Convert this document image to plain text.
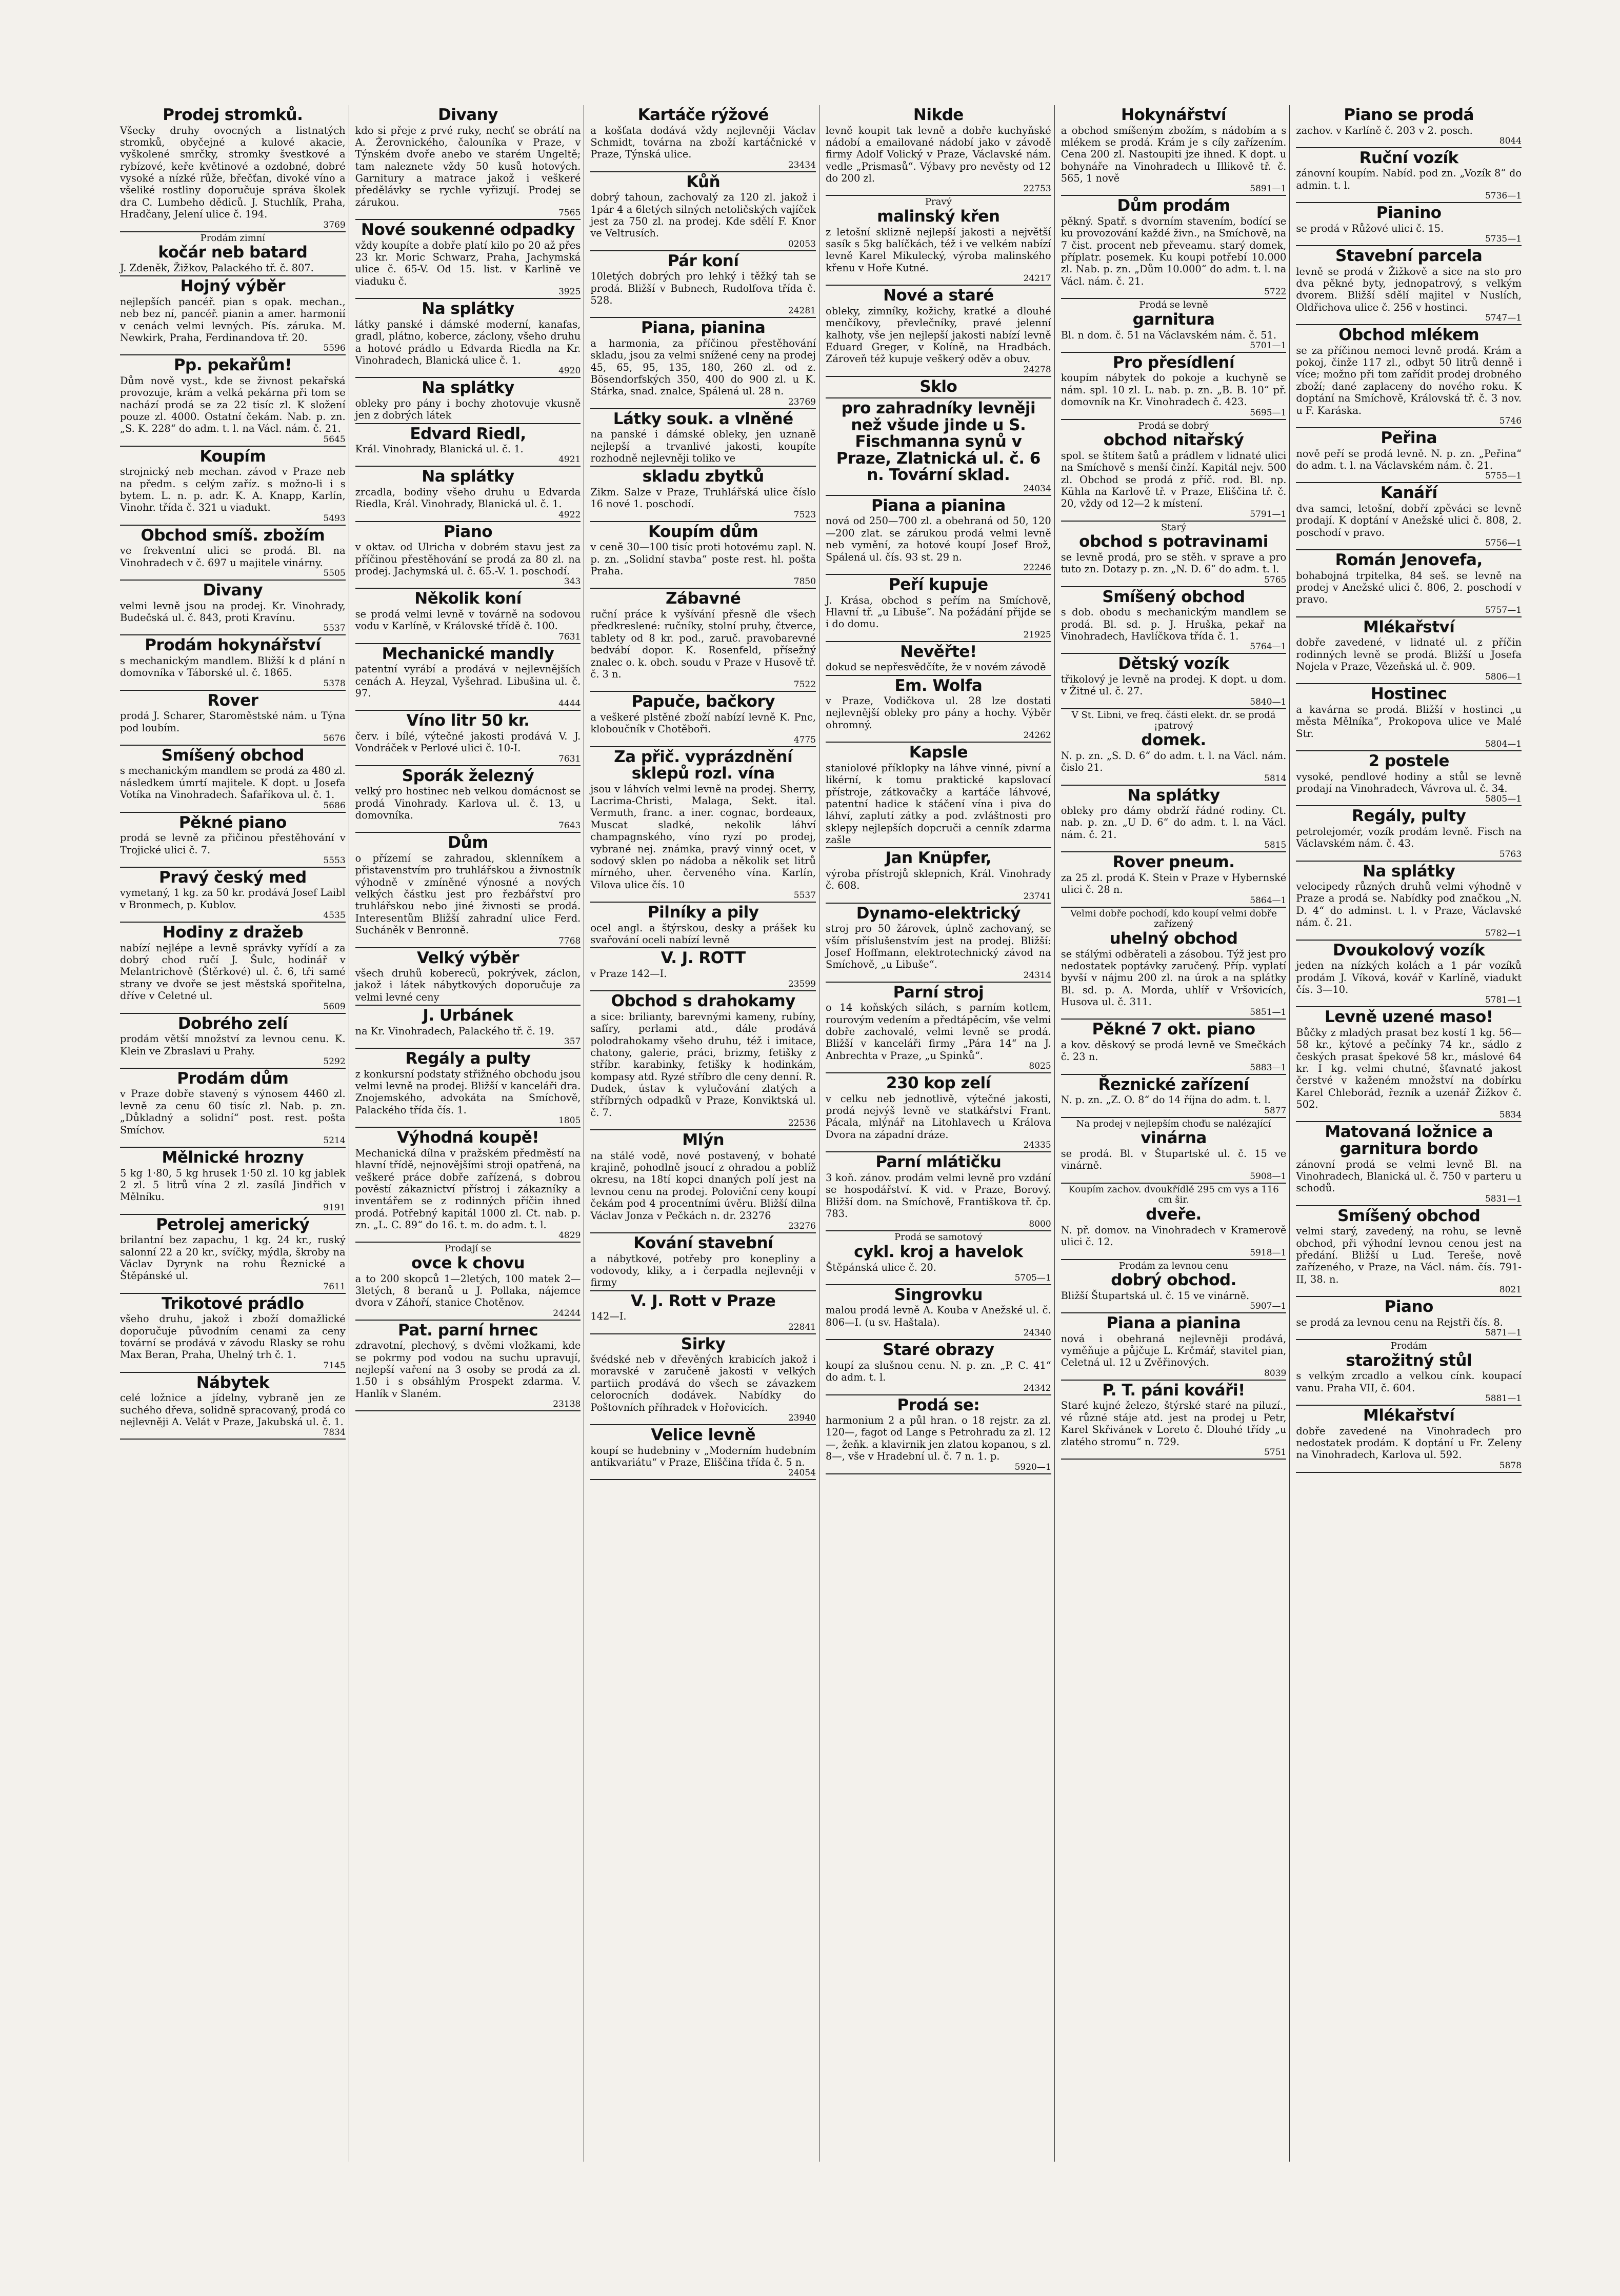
Prodej stromků.
Všecky druhy ovocných a listnatých stromků, obyčejné a kulové akacie, vyškolené smrčky, stromky švestkové a rybízové, keře květinové a ozdobné, dobré vysoké a nízké růže, břečťan, divoké víno a všeliké rostliny doporučuje správa školek dra C. Lumbeho dědiců. J. Stuchlík, Praha, Hradčany, Jelení ulice č. 194.
3769
Prodám zimní
kočár neb batard
J. Zdeněk, Žižkov, Palackého tř. č. 807.
Hojný výběr
nejlepších pancéř. pian s opak. mechan., neb bez ní, pancéř. pianin a amer. harmonií v cenách velmi levných. Pís. záruka. M. Newkirk, Praha, Ferdinandova tř. 20.
5596
Pp. pekařům!
Dům nově vyst., kde se živnost pekařská provozuje, krám a velká pekárna při tom se nachází prodá se za 22 tisíc zl. K složení pouze zl. 4000. Ostatní čekám. Nab. p. zn. „S. K. 228“ do adm. t. l. na Václ. nám. č. 21.
5645
Koupím
strojnický neb mechan. závod v Praze neb na předm. s celým zaříz. s možno-li i s bytem. L. n. p. adr. K. A. Knapp, Karlín, Vinohr. třída č. 321 u viadukt.
5493
Obchod smíš. zbožím
ve frekventní ulici se prodá. Bl. na Vinohradech v č. 697 u majitele vinárny.
5505
Divany
velmi levně jsou na prodej. Kr. Vinohrady, Budečská ul. č. 843, proti Kravínu.
5537
Prodám hokynářství
s mechanickým mandlem. Bližší k d plání n domovníka v Táborské ul. č. 1865.
5378
Rover
prodá J. Scharer, Staroměstské nám. u Týna pod loubím.
5676
Smíšený obchod
s mechanickým mandlem se prodá za 480 zl. následkem úmrtí majitele. K dopt. u Josefa Votíka na Vinohradech. Šafaříkova ul. č. 1.
5686
Pěkné piano
prodá se levně za přičinou přestěhování v Trojické ulici č. 7.
5553
Pravý český med
vymetaný, 1 kg. za 50 kr. prodává Josef Laibl v Bronmech, p. Kublov.
4535
Hodiny z dražeb
nabízí nejlépe a levně správky vyřídí a za dobrý chod ručí J. Šulc, hodinář v Melantrichově (Štěrkové) ul. č. 6, tři samé strany ve dvoře se jest městská spořitelna, dříve v Celetné ul.
5609
Dobrého zelí
prodám větší množství za levnou cenu. K. Klein ve Zbraslavi u Prahy.
5292
Prodám dům
v Praze dobře stavený s výnosem 4460 zl. levně za cenu 60 tisíc zl. Nab. p. zn. „Důkladný a solidní“ post. rest. pošta Smíchov.
5214
Mělnické hrozny
5 kg 1·80, 5 kg hrusek 1·50 zl. 10 kg jablek 2 zl. 5 litrů vína 2 zl. zasílá Jindřich v Mělníku.
9191
Petrolej americký
brilantní bez zapachu, 1 kg. 24 kr., ruský salonní 22 a 20 kr., svíčky, mýdla, škroby na Václav Dyrynk na rohu Řeznické a Štěpánské ul.
7611
Trikotové prádlo
všeho druhu, jakož i zboží domažlické doporučuje původním cenami za ceny tovární se prodává v závodu Rlasky se rohu Max Beran, Praha, Uhelný trh č. 1.
7145
Nábytek
celé ložnice a jídelny, vybraně jen ze suchého dřeva, solidně spracovaný, prodá co nejlevněji A. Velát v Praze, Jakubská ul. č. 1.
7834
Divany
kdo si přeje z prvé ruky, nechť se obrátí na A. Žerovnického, čalouníka v Praze, v Týnském dvoře anebo ve starém Ungeltě; tam naleznete vždy 50 kusů hotových. Garnitury a matrace jakož i veškeré předělávky se rychle vyřizují. Prodej se zárukou.
7565
Nové soukenné odpadky
vždy koupíte a dobře platí kilo po 20 až přes 23 kr. Moric Schwarz, Praha, Jachymská ulice č. 65-V. Od 15. list. v Karlině ve viaduku č.
3925
Na splátky
látky panské i dámské moderní, kanafas, gradl, plátno, koberce, záclony, všeho druhu a hotové prádlo u Edvarda Riedla na Kr. Vinohradech, Blanická ulice č. 1.
4920
Na splátky
obleky pro pány i bochy zhotovuje vkusně jen z dobrých látek
Edvard Riedl,
Král. Vinohrady, Blanická ul. č. 1.
4921
Na splátky
zrcadla, bodiny všeho druhu u Edvarda Riedla, Král. Vinohrady, Blanická ul. č. 1.
4922
Piano
v oktav. od Ulricha v dobrém stavu jest za příčinou přestěhování se prodá za 80 zl. na prodej. Jachymská ul. č. 65.-V. 1. poschodí.
343
Několik koní
se prodá velmi levně v továrně na sodovou vodu v Karlíně, v Královské třídě č. 100.
7631
Mechanické mandly
patentní vyrábí a prodává v nejlevnějších cenách A. Heyzal, Vyšehrad. Libušina ul. č. 97.
4444
Víno litr 50 kr.
červ. i bílé, výtečné jakosti prodává V. J. Vondráček v Perlové ulici č. 10-I.
7631
Sporák železný
velký pro hostinec neb velkou domácnost se prodá Vinohrady. Karlova ul. č. 13, u domovníka.
7643
Dům
o přízemí se zahradou, sklenníkem a přistavenstvím pro truhlářskou a živnostník výhodně v zmíněné výnosné a nových velkých částku jest pro řezbářství pro truhlářskou nebo jiné živnosti se prodá. Interesentům Bližší zahradní ulice Ferd. Sucháněk v Benronně.
7768
Velký výběr
všech druhů kobereců, pokrývek, záclon, jakož i látek nábytkových doporučuje za velmi levné ceny
J. Urbánek
na Kr. Vinohradech, Palackého tř. č. 19.
357
Regály a pulty
z konkursní podstaty střižného obchodu jsou velmi levně na prodej. Bližší v kanceláři dra. Znojemského, advokáta na Smíchově, Palackého třída čís. 1.
1805
Výhodná koupě!
Mechanická dílna v pražském předměstí na hlavní třídě, nejnovějšími stroji opatřená, na veškeré práce dobře zařízená, s dobrou pověstí zákaznictví přístroj i zákazníky a inventářem se z rodinných příčin ihned prodá. Potřebný kapitál 1000 zl. Ct. nab. p. zn. „L. C. 89“ do 16. t. m. do adm. t. l.
4829
Prodají se
ovce k chovu
a to 200 skopců 1—2letých, 100 matek 2—3letých, 8 beranů u J. Pollaka, nájemce dvora v Záhoří, stanice Chotěnov.
24244
Pat. parní hrnec
zdravotní, plechový, s dvěmi vložkami, kde se pokrmy pod vodou na suchu upravují, nejlepší vaření na 3 osoby se prodá za zl. 1.50 i s obsáhlým Prospekt zdarma. V. Hanlík v Slaném.
23138
Kartáče rýžové
a košťata dodává vždy nejlevněji Václav Schmidt, továrna na zboží kartáčnické v Praze, Týnská ulice.
23434
Kůň
dobrý tahoun, zachovalý za 120 zl. jakož i 1pár 4 a 6letých silných netoličských vajíček jest za 750 zl. na prodej. Kde sdělí F. Knor ve Veltrusích.
02053
Pár koní
10letých dobrých pro lehký i těžký tah se prodá. Bližší v Bubnech, Rudolfova třída č. 528.
24281
Piana, pianina
a harmonia, za příčinou přestěhování skladu, jsou za velmi snížené ceny na prodej 45, 65, 95, 135, 180, 260 zl. od z. Bösendorfských 350, 400 do 900 zl. u K. Stárka, snad. znalce, Spálená ul. 28 n.
23769
Látky souk. a vlněné
na panské i dámské obleky, jen uznaně nejlepší a trvanlivé jakosti, koupíte rozhodně nejlevněji toliko ve
skladu zbytků
Zikm. Salze v Praze, Truhlářská ulice číslo 16 nové 1. poschodí.
7523
Koupím dům
v ceně 30—100 tisíc proti hotovému zapl. N. p. zn. „Solidní stavba“ poste rest. hl. pošta Praha.
7850
Zábavné
ruční práce k vyšívání přesně dle všech předkreslené: ručníky, stolní pruhy, čtverce, tablety od 8 kr. pod., zaruč. pravobarevné bedvábí dopor. K. Rosenfeld, přísežný znalec o. k. obch. soudu v Praze v Husově tř. č. 3 n.
7522
Papuče, bačkory
a veškeré plstěné zboží nabízí levně K. Pnc, kloboučník v Chotěboři.
4775
Za přič. vyprázdnění sklepů rozl. vína
jsou v láhvích velmi levně na prodej. Sherry, Lacrima-Christi, Malaga, Sekt. ital. Vermuth, franc. a iner. cognac, bordeaux, Muscat sladké, nekolik láhví champagnského, víno ryzí po prodej, vybrané nej. známka, pravý vinný ocet, v sodový sklen po nádoba a několik set litrů mírného, uher. červeného vína. Karlín, Vilova ulice čís. 10
5537
Pilníky a pily
ocel angl. a štýrskou, desky a prášek ku svařování oceli nabízí levně
V. J. ROTT
v Praze 142—I.
23599
Obchod s drahokamy
a sice: brilianty, barevnými kameny, rubíny, safíry, perlami atd., dále prodává polodrahokamy všeho druhu, též i imitace, chatony, galerie, práci, brizmy, fetišky z stříbr. karabinky, fetišky k hodinkám, kompasy atd. Ryzé stříbro dle ceny denní. R. Dudek, ústav k vylučování zlatých a stříbrných odpadků v Praze, Konviktská ul. č. 7.
22536
Mlýn
na stálé vodě, nové postavený, v bohaté krajině, pohodlně jsoucí z ohradou a poblíž okresu, na 18tí kopci dnaných polí jest na levnou cenu na prodej. Poloviční ceny koupí čekám pod 4 procentními úvěru. Bližší dilna Václav Jonza v Pečkách n. dr. 23276
23276
Kování stavební
a nábytkové, potřeby pro konepliny a vodovody, kliky, a i čerpadla nejlevněji v firmy
V. J. Rott v Praze
142—I.
22841
Sirky
švédské neb v dřevěných krabicích jakož i moravské v zaručeně jakosti v velkých partiich prodává do všech se závazkem celorocních dodávek. Nabídky do Poštovních příhradek v Hořovicích.
23940
Velice levně
koupí se hudebniny v „Moderním hudebním antikvariátu“ v Praze, Eliščina třída č. 5 n.
24054
Nikde
levně koupit tak levně a dobře kuchyňské nádobí a emailované nádobí jako v závodě firmy Adolf Volický v Praze, Václavské nám. vedle „Prismasů“. Výbavy pro nevěsty od 12 do 200 zl.
22753
Pravý
malinský křen
z letošní sklizně nejlepší jakosti a největší sasík s 5kg balíčkách, též i ve velkém nabízí levně Karel Mikulecký, výroba malinského křenu v Hoře Kutné.
24217
Nové a staré
obleky, zimníky, kožichy, kratké a dlouhé menčíkovy, převlečníky, pravé jelenní kalhoty, vše jen nejlepší jakosti nabízí levně Eduard Greger, v Kolíně, na Hradbách. Zároveň též kupuje veškerý oděv a obuv.
24278
Sklo
pro zahradníky levněji než všude jinde u S. Fischmanna synů v Praze, Zlatnická ul. č. 6 n. Tovární sklad.
24034
Piana a pianina
nová od 250—700 zl. a obehraná od 50, 120—200 zlat. se zárukou prodá velmi levně neb vymění, za hotové koupí Josef Brož, Spálená ul. čís. 93 st. 29 n.
22246
Peří kupuje
J. Krása, obchod s peřím na Smíchově, Hlavní tř. „u Libuše“. Na požádání přijde se i do domu.
21925
Nevěřte!
dokud se nepřesvědčíte, že v novém závodě
Em. Wolfa
v Praze, Vodičkova ul. 28 lze dostati nejlevnější obleky pro pány a hochy. Výběr ohromný.
24262
Kapsle
staniolové příklopky na láhve vinné, pivní a likérní, k tomu praktické kapslovací přístroje, zátkovačky a kartáče láhvové, patentní hadice k stáčení vína i piva do láhví, zaplutí zátky a pod. zvláštnosti pro sklepy nejlepších dopcruči a cenník zdarma zašle
Jan Knüpfer,
výroba přístrojů sklepních, Král. Vinohrady č. 608.
23741
Dynamo-elektrický
stroj pro 50 žárovek, úplně zachovaný, se vším příslušenstvím jest na prodej. Bližší: Josef Hoffmann, elektrotechnický závod na Smíchově, „u Libuše“.
24314
Parní stroj
o 14 koňských silách, s parním kotlem, rourovým vedením a předtápěcím, vše velmi dobře zachovalé, velmi levně se prodá. Bližší v kanceláři firmy „Pára 14“ na J. Anbrechta v Praze, „u Spinků“.
8025
230 kop zelí
v celku neb jednotlivě, výtečné jakosti, prodá nejvýš levně ve statkářství Frant. Pácala, mlýnář na Litohlavech u Králova Dvora na západní dráze.
24335
Parní mlátičku
3 koň. zánov. prodám velmi levně pro vzdání se hospodářství. K vid. v Praze, Borový. Bližší dom. na Smíchově, Františkova tř. čp. 783.
8000
Prodá se samotový
cykl. kroj a havelok
Štěpánská ulice č. 20.
5705—1
Singrovku
malou prodá levně A. Kouba v Anežské ul. č. 806—I. (u sv. Haštala).
24340
Staré obrazy
koupí za slušnou cenu. N. p. zn. „P. C. 41“ do adm. t. l.
24342
Prodá se:
harmonium 2 a půl hran. o 18 rejstr. za zl. 120—, fagot od Lange s Petrohradu za zl. 12—, žeňk. a klavirnik jen zlatou kopanou, s zl. 8—, vše v Hradební ul. č. 7 n. 1. p.
5920—1
Hokynářství
a obchod smíšeným zbožím, s nádobím a s mlékem se prodá. Krám je s cíly zařízením. Cena 200 zl. Nastoupiti jze ihned. K dopt. u bohynáře na Vinohradech u Illikově tř. č. 565, 1 nově
5891—1
Dům prodám
pěkný. Spatř. s dvorním stavením, bodící se ku provozování každé živn., na Smíchově, na 7 čist. procent neb převeamu. starý domek, příplatr. posemek. Ku koupi potřebí 10.000 zl. Nab. p. zn. „Dům 10.000“ do adm. t. l. na Václ. nám. č. 21.
5722
Prodá se levně
garnitura
Bl. n dom. č. 51 na Václavském nám. č. 51.
5701—1
Pro přesídlení
koupím nábytek do pokoje a kuchyně se nám. spl. 10 zl. L. nab. p. zn. „B. B. 10“ př. domovník na Kr. Vinohradech č. 423.
5695—1
Prodá se dobrý
obchod nitařský
spol. se štítem šatů a prádlem v lidnaté ulici na Smíchově s menší činží. Kapitál nejv. 500 zl. Obchod se prodá z příč. rod. Bl. np. Kühla na Karlově tř. v Praze, Eliščina tř. č. 20, vždy od 12—2 k místení.
5791—1
Starý
obchod s potravinami
se levně prodá, pro se stěh. v sprave a pro tuto zn. Dotazy p. zn. „N. D. 6“ do adm. t. l.
5765
Smíšený obchod
s dob. obodu s mechanickým mandlem se prodá. Bl. sd. p. J. Hruška, pekař na Vinohradech, Havlíčkova třída č. 1.
5764—1
Dětský vozík
třikolový je levně na prodej. K dopt. u dom. v Žitné ul. č. 27.
5840—1
V St. Libni, ve freq. části elekt. dr. se prodá ¡patrový
domek.
N. p. zn. „S. D. 6“ do adm. t. l. na Václ. nám. čislo 21.
5814
Na splátky
obleky pro dámy obdrží řádné rodiny. Ct. nab. p. zn. „U D. 6“ do adm. t. l. na Václ. nám. č. 21.
5815
Rover pneum.
za 25 zl. prodá K. Stein v Praze v Hybernské ulici č. 28 n.
5864—1
Velmi dobře pochodí, kdo koupí velmi dobře zařízený
uhelný obchod
se stálými odběrateli a zásobou. Týž jest pro nedostatek poptávky zaručený. Příp. vyplatí byvší v nájmu 200 zl. na úrok a na splátky Bl. sd. p. A. Morda, uhlíř v Vršovicích, Husova ul. č. 311.
5851—1
Pěkné 7 okt. piano
a kov. děskový se prodá levně ve Smečkách č. 23 n.
5883—1
Řeznické zařízení
N. p. zn. „Z. O. 8“ do 14 října do adm. t. l.
5877
Na prodej v nejlepším choďu se nalézající
vinárna
se prodá. Bl. v Štupartské ul. č. 15 ve vinárně.
5908—1
Koupím zachov. dvoukřídlé 295 cm vys a 116 cm šir.
dveře.
N. př. domov. na Vinohradech v Kramerově ulici č. 12.
5918—1
Prodám za levnou cenu
dobrý obchod.
Bližší Štupartská ul. č. 15 ve vinárně.
5907—1
Piana a pianina
nová i obehraná nejlevněji prodává, vyměňuje a půjčuje L. Krčmář, stavitel pian, Celetná ul. 12 u Zvěřinových.
8039
P. T. páni kováři!
Staré kujné železo, štýrské staré na piluzí., vé různé stáje atd. jest na prodej u Petr, Karel Skřivánek v Loreto č. Dlouhé třídy „u zlatého stromu“ n. 729.
5751
Piano se prodá
zachov. v Karlíně č. 203 v 2. posch.
8044
Ruční vozík
zánovní koupím. Nabíd. pod zn. „Vozík 8“ do admin. t. l.
5736—1
Pianino
se prodá v Růžové ulici č. 15.
5735—1
Stavební parcela
levně se prodá v Žižkově a sice na sto pro dva pěkné byty, jednopatrový, s velkým dvorem. Bližší sdělí majitel v Nuslích, Oldřichova ulice č. 256 v hostinci.
5747—1
Obchod mlékem
se za příčinou nemoci levně prodá. Krám a pokoj, činže 117 zl., odbyt 50 litrů denně i více; možno při tom zařídit prodej drobného zboží; dané zaplaceny do nového roku. K doptání na Smíchově, Královská tř. č. 3 nov. u F. Karáska.
5746
Peřina
nově peří se prodá levně. N. p. zn. „Peřina“ do adm. t. l. na Václavském nám. č. 21.
5755—1
Kanáří
dva samci, letošní, dobří zpěváci se levně prodají. K doptání v Anežské ulici č. 808, 2. poschodí v pravo.
5756—1
Román Jenovefa,
bohabojná trpitelka, 84 seš. se levně na prodej v Anežské ulici č. 806, 2. poschodí v pravo.
5757—1
Mlékařství
dobře zavedené, v lidnaté ul. z příčin rodinných levně se prodá. Bližší u Josefa Nojela v Praze, Vězeňská ul. č. 909.
5806—1
Hostinec
a kavárna se prodá. Bližší v hostinci „u města Mělníka“, Prokopova ulice ve Malé Str.
5804—1
2 postele
vysoké, pendlové hodiny a stůl se levně prodají na Vinohradech, Vávrova ul. č. 34.
5805—1
Regály, pulty
petrolejomér, vozík prodám levně. Fisch na Václavském nám. č. 43.
5763
Na splátky
velocipedy různých druhů velmi výhodně v Praze a prodá se. Nabídky pod značkou „N. D. 4“ do adminst. t. l. v Praze, Václavské nám. č. 21.
5782—1
Dvoukolový vozík
jeden na nízkých kolách a 1 pár vozíků prodám J. Víková, kovář v Karlíně, viadukt čís. 3—10.
5781—1
Levně uzené maso!
Bůčky z mladých prasat bez kostí 1 kg. 56—58 kr., kýtové a pečínky 74 kr., sádlo z českých prasat špekové 58 kr., máslové 64 kr. I kg. velmi chutné, šťavnaté jakost čerstvé v kaženém množství na dobírku Karel Chleborád, řezník a uzenář Žižkov č. 502.
5834
Matovaná ložnice a garnitura bordo
zánovní prodá se velmi levně Bl. na Vinohradech, Blanická ul. č. 750 v parteru u schodů.
5831—1
Smíšený obchod
velmi starý, zavedený, na rohu, se levně obchod, při výhodní levnou cenou jest na předání. Bližší u Lud. Tereše, nově zařízeného, v Praze, na Václ. nám. čís. 791-II, 38. n.
8021
Piano
se prodá za levnou cenu na Rejstři čís. 8.
5871—1
Prodám
starožitný stůl
s velkým zrcadlo a velkou cínk. koupací vanu. Praha VII, č. 604.
5881—1
Mlékařství
dobře zavedené na Vinohradech pro nedostatek prodám. K doptání u Fr. Zeleny na Vinohradech, Karlova ul. 592.
5878
